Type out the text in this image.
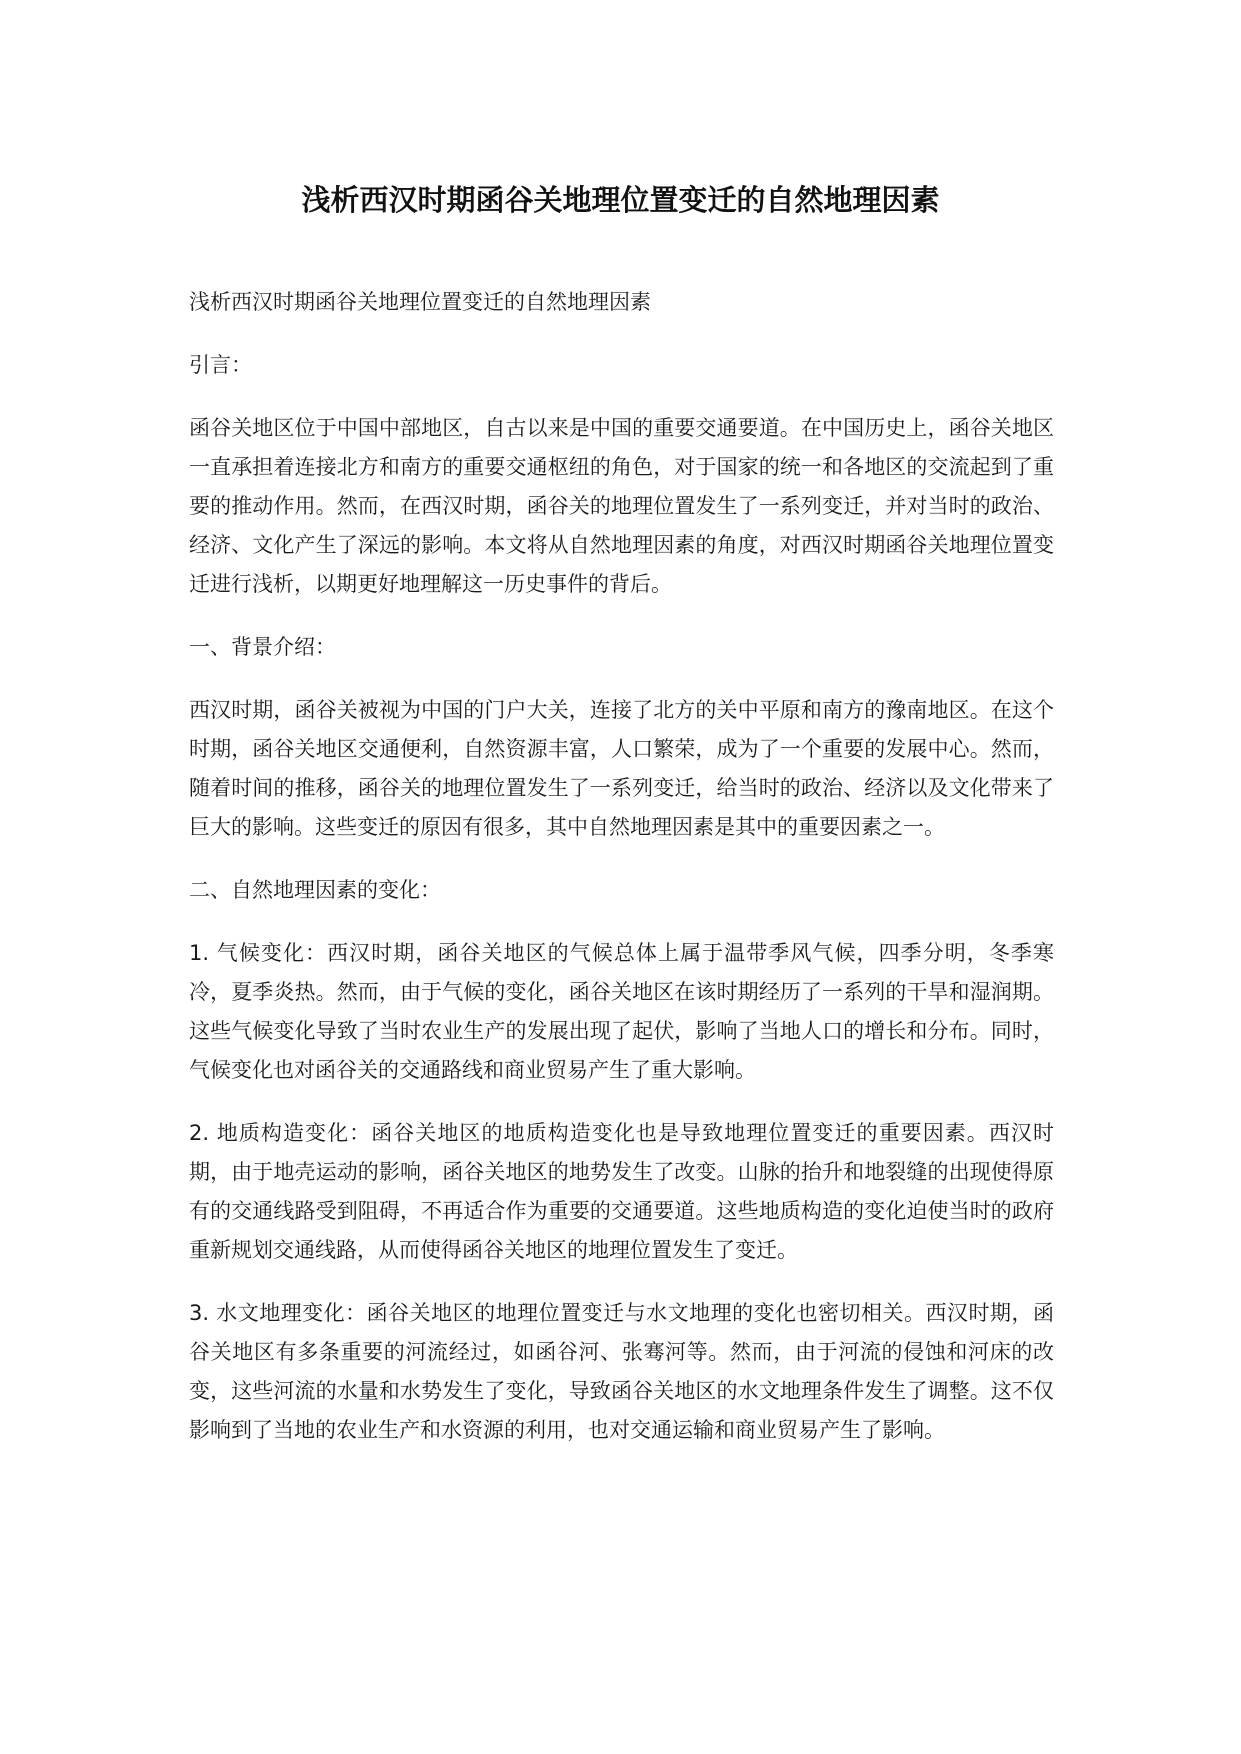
浅析西汉时期函谷关地理位置变迁的自然地理因素

浅析西汉时期函谷关地理位置变迁的自然地理因素

引言：

函谷关地区位于中国中部地区，自古以来是中国的重要交通要道。在中国历史上，函谷关地区一直承担着连接北方和南方的重要交通枢纽的角色，对于国家的统一和各地区的交流起到了重要的推动作用。然而，在西汉时期，函谷关的地理位置发生了一系列变迁，并对当时的政治、经济、文化产生了深远的影响。本文将从自然地理因素的角度，对西汉时期函谷关地理位置变迁进行浅析，以期更好地理解这一历史事件的背后。

一、背景介绍：

西汉时期，函谷关被视为中国的门户大关，连接了北方的关中平原和南方的豫南地区。在这个时期，函谷关地区交通便利，自然资源丰富，人口繁荣，成为了一个重要的发展中心。然而，随着时间的推移，函谷关的地理位置发生了一系列变迁，给当时的政治、经济以及文化带来了巨大的影响。这些变迁的原因有很多，其中自然地理因素是其中的重要因素之一。

二、自然地理因素的变化：

1. 气候变化：西汉时期，函谷关地区的气候总体上属于温带季风气候，四季分明，冬季寒冷，夏季炎热。然而，由于气候的变化，函谷关地区在该时期经历了一系列的干旱和湿润期。这些气候变化导致了当时农业生产的发展出现了起伏，影响了当地人口的增长和分布。同时，气候变化也对函谷关的交通路线和商业贸易产生了重大影响。

2. 地质构造变化：函谷关地区的地质构造变化也是导致地理位置变迁的重要因素。西汉时期，由于地壳运动的影响，函谷关地区的地势发生了改变。山脉的抬升和地裂缝的出现使得原有的交通线路受到阻碍，不再适合作为重要的交通要道。这些地质构造的变化迫使当时的政府重新规划交通线路，从而使得函谷关地区的地理位置发生了变迁。

3. 水文地理变化：函谷关地区的地理位置变迁与水文地理的变化也密切相关。西汉时期，函谷关地区有多条重要的河流经过，如函谷河、张骞河等。然而，由于河流的侵蚀和河床的改变，这些河流的水量和水势发生了变化，导致函谷关地区的水文地理条件发生了调整。这不仅影响到了当地的农业生产和水资源的利用，也对交通运输和商业贸易产生了影响。
